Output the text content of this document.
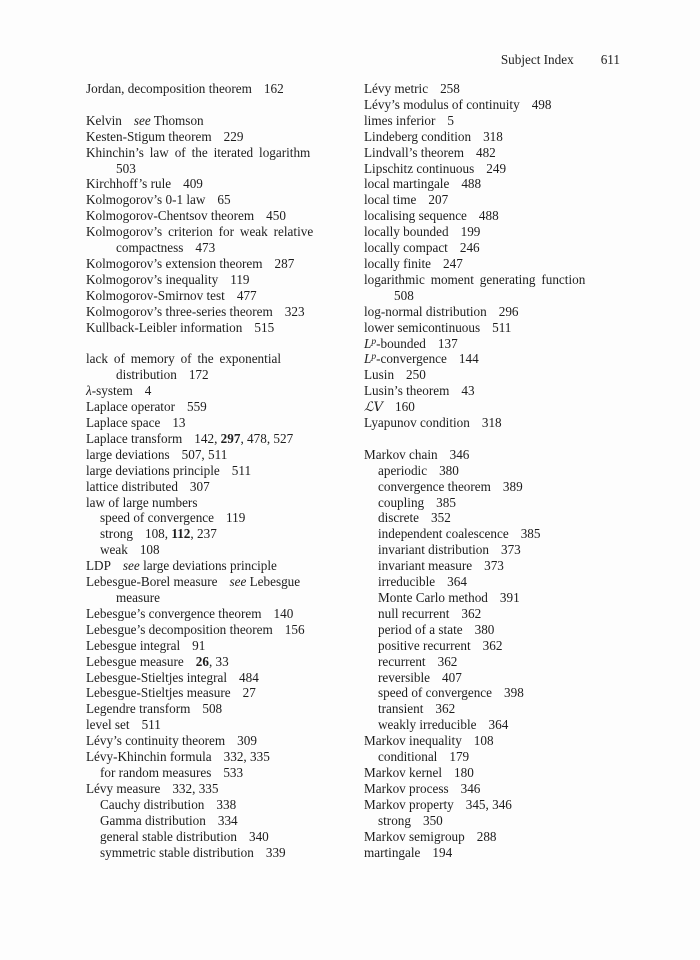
Subject Index 611
Jordan, decomposition theorem 162
Kelvin see Thomson
Kesten-Stigum theorem 229
Khinchin’s law of the iterated logarithm
503
Kirchhoff’s rule 409
Kolmogorov’s 0-1 law 65
Kolmogorov-Chentsov theorem 450
Kolmogorov’s criterion for weak relative
compactness 473
Kolmogorov’s extension theorem 287
Kolmogorov’s inequality 119
Kolmogorov-Smirnov test 477
Kolmogorov’s three-series theorem 323
Kullback-Leibler information 515
lack of memory of the exponential
distribution 172
λ-system 4
Laplace operator 559
Laplace space 13
Laplace transform 142, 297, 478, 527
large deviations 507, 511
large deviations principle 511
lattice distributed 307
law of large numbers
speed of convergence 119
strong 108, 112, 237
weak 108
LDP see large deviations principle
Lebesgue-Borel measure see Lebesgue
measure
Lebesgue’s convergence theorem 140
Lebesgue’s decomposition theorem 156
Lebesgue integral 91
Lebesgue measure 26, 33
Lebesgue-Stieltjes integral 484
Lebesgue-Stieltjes measure 27
Legendre transform 508
level set 511
Lévy’s continuity theorem 309
Lévy-Khinchin formula 332, 335
for random measures 533
Lévy measure 332, 335
Cauchy distribution 338
Gamma distribution 334
general stable distribution 340
symmetric stable distribution 339
Lévy metric 258
Lévy’s modulus of continuity 498
limes inferior 5
Lindeberg condition 318
Lindvall’s theorem 482
Lipschitz continuous 249
local martingale 488
local time 207
localising sequence 488
locally bounded 199
locally compact 246
locally finite 247
logarithmic moment generating function
508
log-normal distribution 296
lower semicontinuous 511
$L^p$-bounded 137
$L^p$-convergence 144
Lusin 250
Lusin’s theorem 43
ℒV 160
Lyapunov condition 318
Markov chain 346
aperiodic 380
convergence theorem 389
coupling 385
discrete 352
independent coalescence 385
invariant distribution 373
invariant measure 373
irreducible 364
Monte Carlo method 391
null recurrent 362
period of a state 380
positive recurrent 362
recurrent 362
reversible 407
speed of convergence 398
transient 362
weakly irreducible 364
Markov inequality 108
conditional 179
Markov kernel 180
Markov process 346
Markov property 345, 346
strong 350
Markov semigroup 288
martingale 194
